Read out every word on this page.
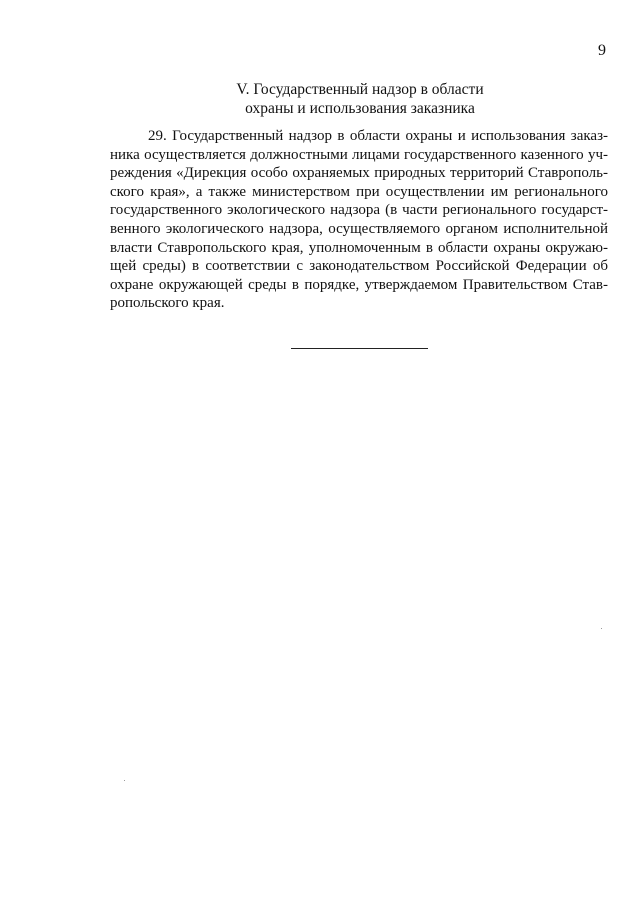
9
V. Государственный надзор в области
охраны и использования заказника

29. Государственный надзор в области охраны и использования заказ-
ника осуществляется должностными лицами государственного казенного уч-
реждения «Дирекция особо охраняемых природных территорий Ставрополь-
ского края», а также министерством при осуществлении им регионального
государственного экологического надзора (в части регионального государст-
венного экологического надзора, осуществляемого органом исполнительной
власти Ставропольского края, уполномоченным в области охраны окружаю-
щей среды) в соответствии с законодательством Российской Федерации об
охране окружающей среды в порядке, утверждаемом Правительством Став-
ропольского края.
